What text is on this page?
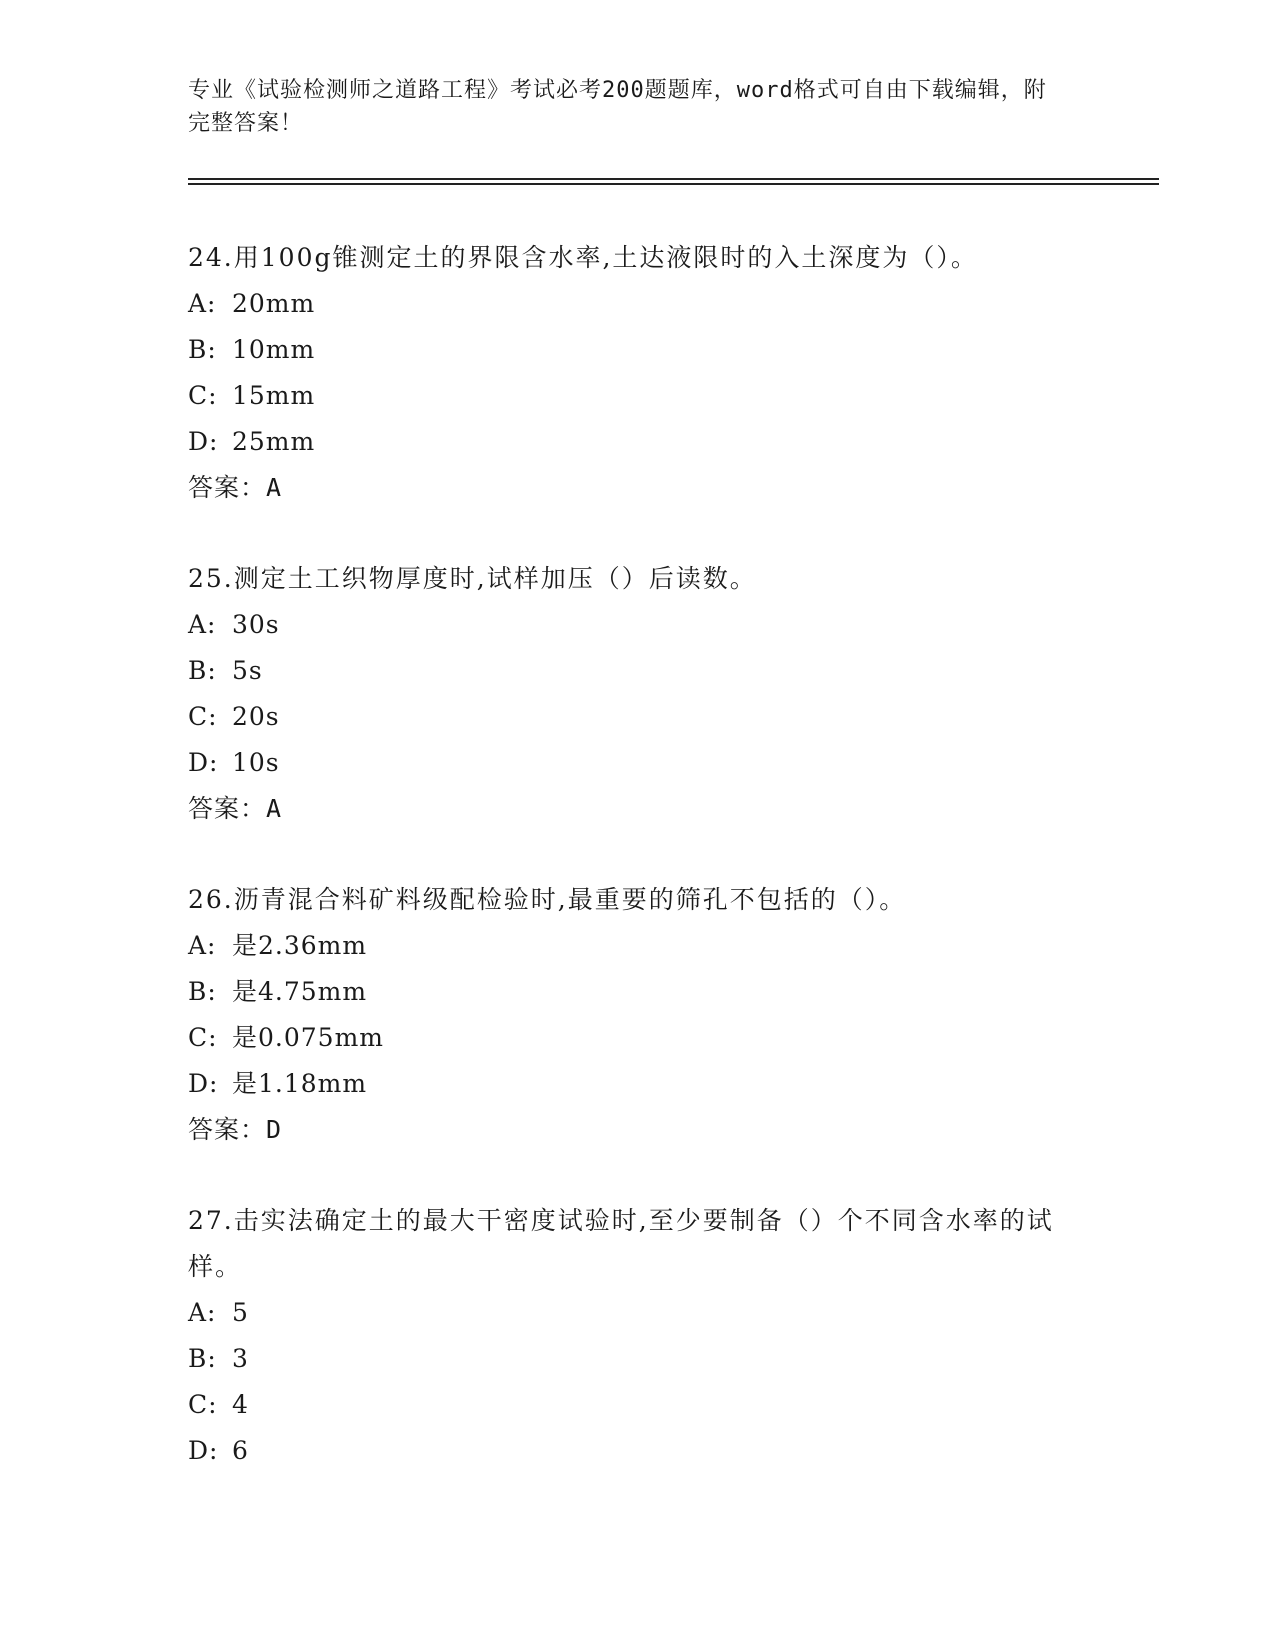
专业《试验检测师之道路工程》考试必考200题题库，word格式可自由下载编辑，附完整答案！

24.用100g锥测定土的界限含水率,土达液限时的入土深度为（）。

A: 20mm
B: 10mm
C: 15mm
D: 25mm
答案：A

25.测定土工织物厚度时,试样加压（）后读数。

A: 30s
B: 5s
C: 20s
D: 10s
答案：A

26.沥青混合料矿料级配检验时,最重要的筛孔不包括的（）。

A: 是2.36mm
B: 是4.75mm
C: 是0.075mm
D: 是1.18mm
答案：D

27.击实法确定土的最大干密度试验时,至少要制备（）个不同含水率的试样。

A: 5
B: 3
C: 4
D: 6
